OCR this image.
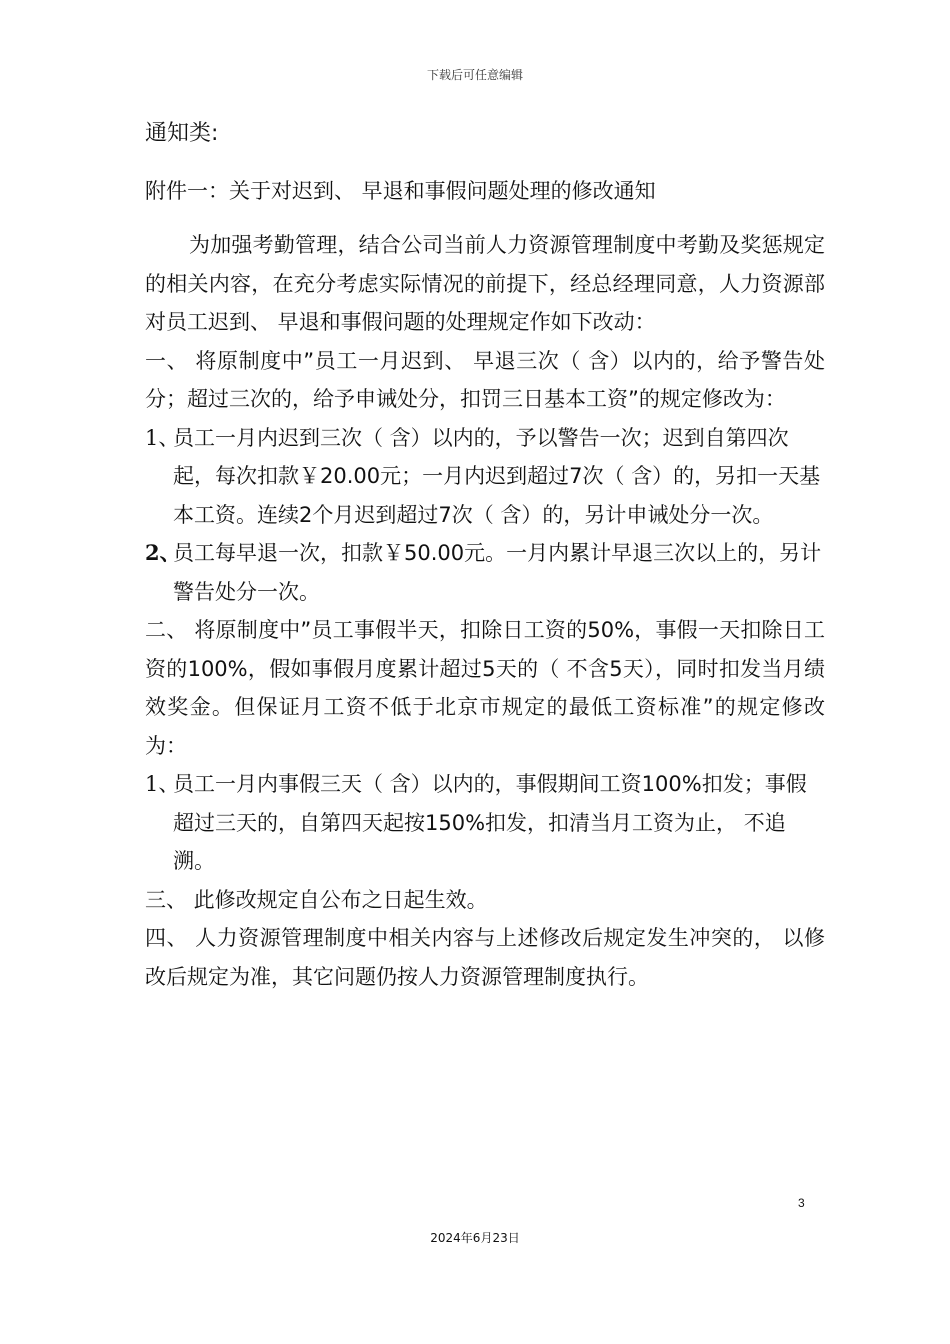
下载后可任意编辑
通知类:
附件一：关于对迟到、 早退和事假问题处理的修改通知

为加强考勤管理，结合公司当前人力资源管理制度中考勤及奖惩规定的相关内容，在充分考虑实际情况的前提下，经总经理同意，人力资源部对员工迟到、 早退和事假问题的处理规定作如下改动：

一、 将原制度中”员工一月迟到、 早退三次（ 含）以内的，给予警告处分；超过三次的，给予申诫处分，扣罚三日基本工资”的规定修改为：

1、员工一月内迟到三次（ 含）以内的，予以警告一次；迟到自第四次起，每次扣款￥20.00元；一月内迟到超过7次（ 含）的，另扣一天基本工资。连续2个月迟到超过7次（ 含）的，另计申诫处分一次。

2、员工每早退一次，扣款￥50.00元。一月内累计早退三次以上的，另计警告处分一次。

二、 将原制度中”员工事假半天，扣除日工资的50%，事假一天扣除日工资的100%，假如事假月度累计超过5天的（ 不含5天），同时扣发当月绩效奖金。但保证月工资不低于北京市规定的最低工资标准”的规定修改为：

1、员工一月内事假三天（ 含）以内的，事假期间工资100%扣发；事假超过三天的，自第四天起按150%扣发，扣清当月工资为止， 不追溯。

三、 此修改规定自公布之日起生效。

四、 人力资源管理制度中相关内容与上述修改后规定发生冲突的， 以修改后规定为准，其它问题仍按人力资源管理制度执行。

3
2024年6月23日
